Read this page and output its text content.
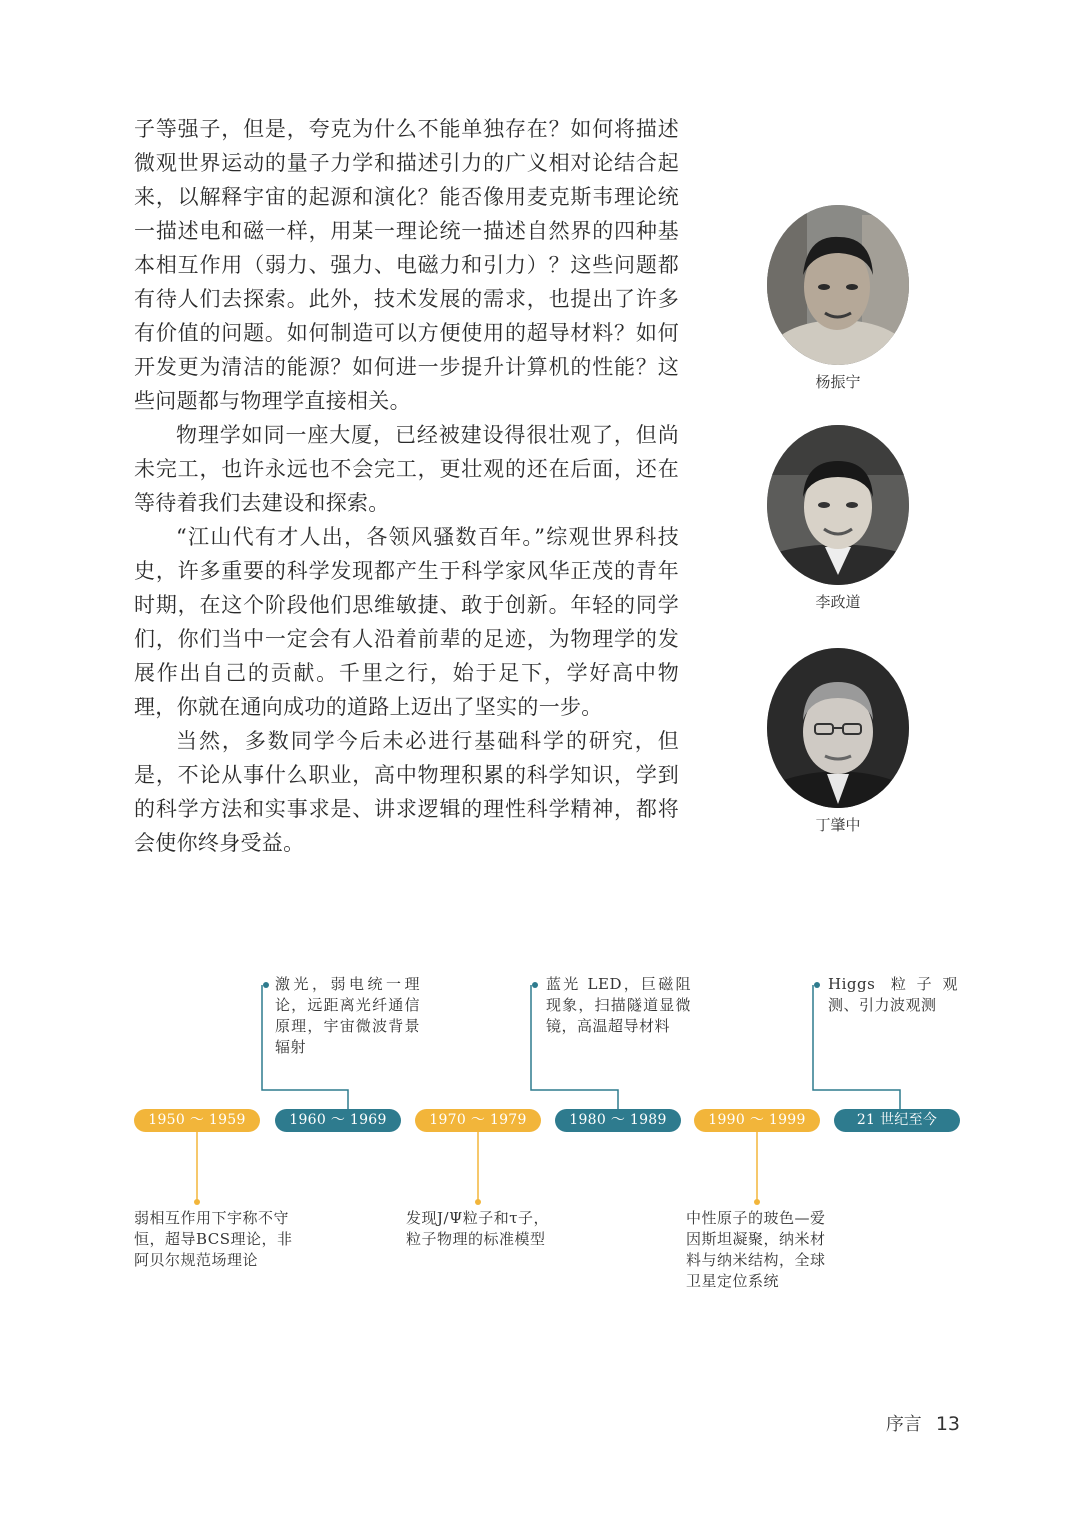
子等强子，但是，夸克为什么不能单独存在？如何将描述微观世界运动的量子力学和描述引力的广义相对论结合起来，以解释宇宙的起源和演化？能否像用麦克斯韦理论统一描述电和磁一样，用某一理论统一描述自然界的四种基本相互作用（弱力、强力、电磁力和引力）？这些问题都有待人们去探索。此外，技术发展的需求，也提出了许多有价值的问题。如何制造可以方便使用的超导材料？如何开发更为清洁的能源？如何进一步提升计算机的性能？这些问题都与物理学直接相关。

物理学如同一座大厦，已经被建设得很壮观了，但尚未完工，也许永远也不会完工，更壮观的还在后面，还在等待着我们去建设和探索。

“江山代有才人出，各领风骚数百年。”综观世界科技史，许多重要的科学发现都产生于科学家风华正茂的青年时期，在这个阶段他们思维敏捷、敢于创新。年轻的同学们，你们当中一定会有人沿着前辈的足迹，为物理学的发展作出自己的贡献。千里之行，始于足下，学好高中物理，你就在通向成功的道路上迈出了坚实的一步。

当然，多数同学今后未必进行基础科学的研究，但是，不论从事什么职业，高中物理积累的科学知识，学到的科学方法和实事求是、讲求逻辑的理性科学精神，都将会使你终身受益。

杨振宁
李政道
丁肇中
激光，弱电统一理论，远距离光纤通信原理，宇宙微波背景辐射
蓝光 LED，巨磁阻现象，扫描隧道显微镜，高温超导材料
Higgs 粒子观测、引力波观测
1950 ～ 1959	1960 ～ 1969	1970 ～ 1979	1980 ～ 1989	1990 ～ 1999	21 世纪至今
弱相互作用下宇称不守恒，超导BCS理论，非阿贝尔规范场理论
发现J/Ψ粒子和τ子，粒子物理的标准模型
中性原子的玻色—爱因斯坦凝聚，纳米材料与纳米结构，全球卫星定位系统
序言 13
